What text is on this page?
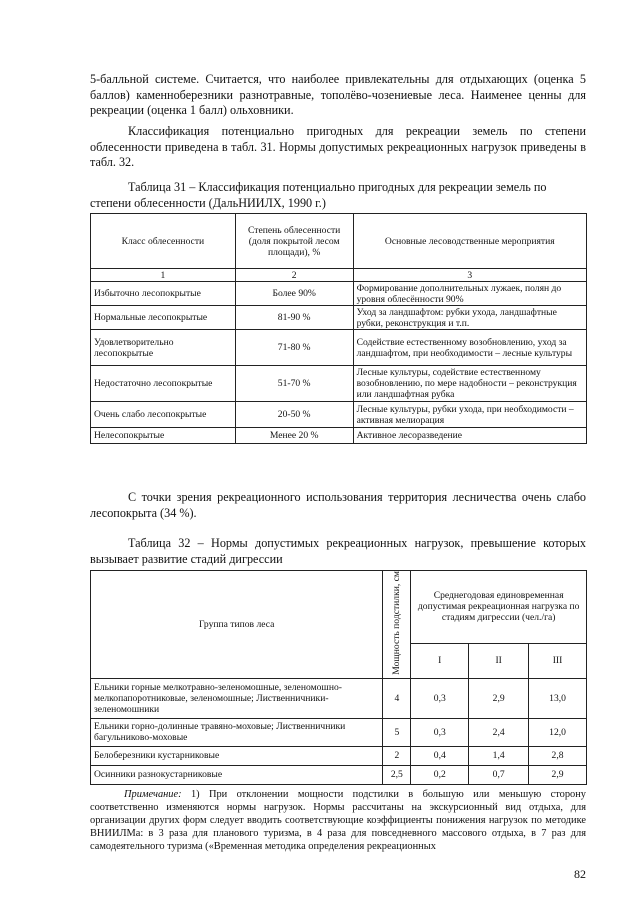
5-балльной системе. Считается, что наиболее привлекательны для отдыхающих (оценка 5 баллов) каменноберезники разнотравные, тополёво-чозениевые леса. Наименее ценны для рекреации (оценка 1 балл) ольховники.

Классификация потенциально пригодных для рекреации земель по степени облесенности приведена в табл. 31. Нормы допустимых рекреационных нагрузок приведены в табл. 32.

Таблица 31 – Классификация потенциально пригодных для рекреации земель по степени облесенности (ДальНИИЛХ, 1990 г.)

Класс облесенности	Степень облесенности (доля покрытой лесом площади), %	Основные лесоводственные мероприятия
1	2	3
Избыточно лесопокрытые	Более 90%	Формирование дополнительных лужаек, полян до уровня облесённости 90%
Нормальные лесопокрытые	81-90 %	Уход за ландшафтом: рубки ухода, ландшафтные рубки, реконструкция и т.п.
Удовлетворительно лесопокрытые	71-80 %	Содействие естественному возобновлению, уход за ландшафтом, при необходимости – лесные культуры
Недостаточно лесопокрытые	51-70 %	Лесные культуры, содействие естественному возобновлению, по мере надобности – реконструкция или ландшафтная рубка
Очень слабо лесопокрытые	20-50 %	Лесные культуры, рубки ухода, при необходимости – активная мелиорация
Нелесопокрытые	Менее 20 %	Активное лесоразведение

С точки зрения рекреационного использования территория лесничества очень слабо лесопокрыта (34 %).

Таблица 32 – Нормы допустимых рекреационных нагрузок, превышение которых вызывает развитие стадий дигрессии

Группа типов леса	Мощность подстилки, см	Среднегодовая единовременная допустимая рекреационная нагрузка по стадиям дигрессии (чел./га)		
		I	II	III
Ельники горные мелкотравно-зеленомошные, зеленомошно-мелкопапоротниковые, зеленомошные; Лиственничники-зеленомошники	4	0,3	2,9	13,0
Ельники горно-долинные травяно-моховые; Лиственничники багульниково-моховые	5	0,3	2,4	12,0
Белоберезники кустарниковые	2	0,4	1,4	2,8
Осинники разнокустарниковые	2,5	0,2	0,7	2,9

Примечание: 1) При отклонении мощности подстилки в большую или меньшую сторону соответственно изменяются нормы нагрузок. Нормы рассчитаны на экскурсионный вид отдыха, для организации других форм следует вводить соответствующие коэффициенты понижения нагрузок по методике ВНИИЛМа: в 3 раза для планового туризма, в 4 раза для повседневного массового отдыха, в 7 раз для самодеятельного туризма («Временная методика определения рекреационных

82
